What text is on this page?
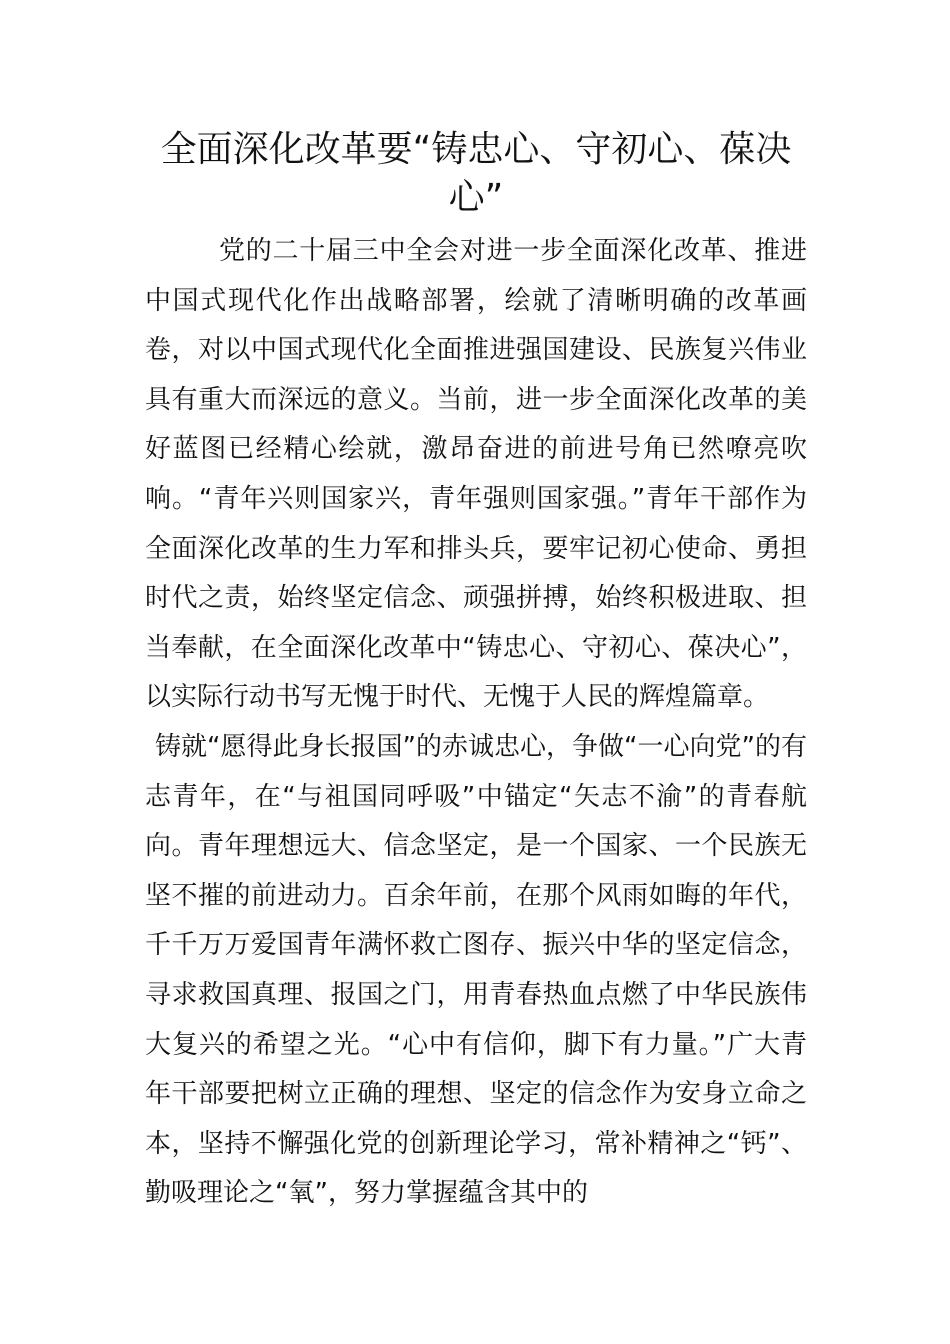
全面深化改革要“铸忠心、守初心、葆决心”

党的二十届三中全会对进一步全面深化改革、推进中国式现代化作出战略部署，绘就了清晰明确的改革画卷，对以中国式现代化全面推进强国建设、民族复兴伟业具有重大而深远的意义。当前，进一步全面深化改革的美好蓝图已经精心绘就，激昂奋进的前进号角已然嘹亮吹响。“青年兴则国家兴，青年强则国家强。”青年干部作为全面深化改革的生力军和排头兵，要牢记初心使命、勇担时代之责，始终坚定信念、顽强拼搏，始终积极进取、担当奉献，在全面深化改革中“铸忠心、守初心、葆决心”，以实际行动书写无愧于时代、无愧于人民的辉煌篇章。

铸就“愿得此身长报国”的赤诚忠心，争做“一心向党”的有志青年，在“与祖国同呼吸”中锚定“矢志不渝”的青春航向。青年理想远大、信念坚定，是一个国家、一个民族无坚不摧的前进动力。百余年前，在那个风雨如晦的年代，千千万万爱国青年满怀救亡图存、振兴中华的坚定信念，寻求救国真理、报国之门，用青春热血点燃了中华民族伟大复兴的希望之光。“心中有信仰，脚下有力量。”广大青年干部要把树立正确的理想、坚定的信念作为安身立命之本，坚持不懈强化党的创新理论学习，常补精神之“钙”、勤吸理论之“氧”，努力掌握蕴含其中的
